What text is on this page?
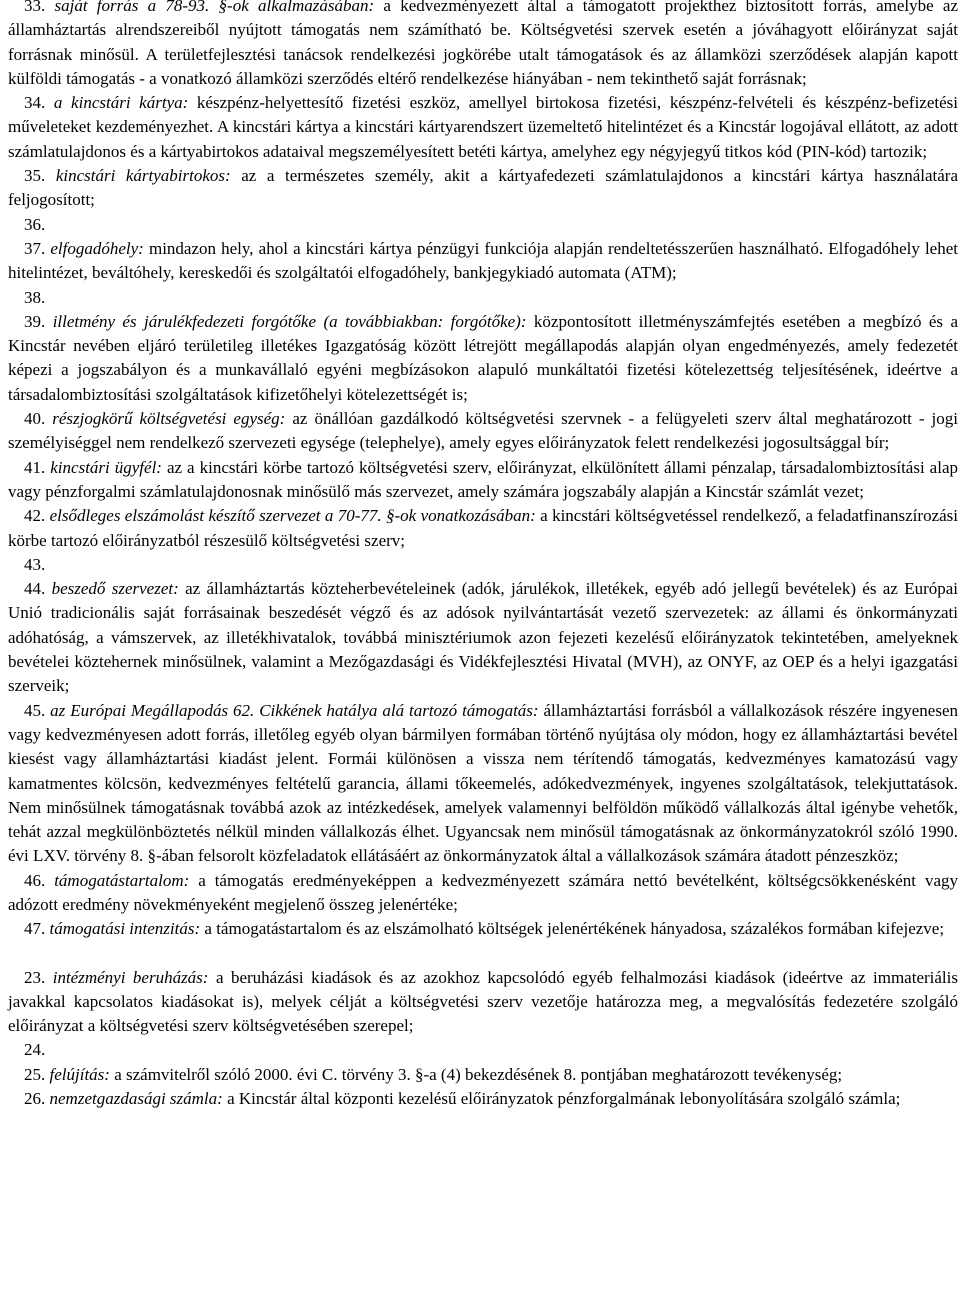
33. saját forrás a 78-93. §-ok alkalmazásában: a kedvezményezett által a támogatott projekthez biztosított forrás, amelybe az államháztartás alrendszereiből nyújtott támogatás nem számítható be. Költségvetési szervek esetén a jóváhagyott előirányzat saját forrásnak minősül. A területfejlesztési tanácsok rendelkezési jogkörébe utalt támogatások és az államközi szerződések alapján kapott külföldi támogatás - a vonatkozó államközi szerződés eltérő rendelkezése hiányában - nem tekinthető saját forrásnak;

34. a kincstári kártya: készpénz-helyettesítő fizetési eszköz, amellyel birtokosa fizetési, készpénz-felvételi és készpénz-befizetési műveleteket kezdeményezhet. A kincstári kártya a kincstári kártyarendszert üzemeltető hitelintézet és a Kincstár logojával ellátott, az adott számlatulajdonos és a kártyabirtokos adataival megszemélyesített betéti kártya, amelyhez egy négyjegyű titkos kód (PIN-kód) tartozik;

35. kincstári kártyabirtokos: az a természetes személy, akit a kártyafedezeti számlatulajdonos a kincstári kártya használatára feljogosított;

36.

37. elfogadóhely: mindazon hely, ahol a kincstári kártya pénzügyi funkciója alapján rendeltetésszerűen használható. Elfogadóhely lehet hitelintézet, beváltóhely, kereskedői és szolgáltatói elfogadóhely, bankjegykiadó automata (ATM);

38.

39. illetmény és járulékfedezeti forgótőke (a továbbiakban: forgótőke): központosított illetményszámfejtés esetében a megbízó és a Kincstár nevében eljáró területileg illetékes Igazgatóság között létrejött megállapodás alapján olyan engedményezés, amely fedezetét képezi a jogszabályon és a munkavállaló egyéni megbízásokon alapuló munkáltatói fizetési kötelezettség teljesítésének, ideértve a társadalombiztosítási szolgáltatások kifizetőhelyi kötelezettségét is;

40. részjogkörű költségvetési egység: az önállóan gazdálkodó költségvetési szervnek - a felügyeleti szerv által meghatározott - jogi személyiséggel nem rendelkező szervezeti egysége (telephelye), amely egyes előirányzatok felett rendelkezési jogosultsággal bír;

41. kincstári ügyfél: az a kincstári körbe tartozó költségvetési szerv, előirányzat, elkülönített állami pénzalap, társadalombiztosítási alap vagy pénzforgalmi számlatulajdonosnak minősülő más szervezet, amely számára jogszabály alapján a Kincstár számlát vezet;

42. elsődleges elszámolást készítő szervezet a 70-77. §-ok vonatkozásában: a kincstári költségvetéssel rendelkező, a feladatfinanszírozási körbe tartozó előirányzatból részesülő költségvetési szerv;

43.

44. beszedő szervezet: az államháztartás közteherbevételeinek (adók, járulékok, illetékek, egyéb adó jellegű bevételek) és az Európai Unió tradicionális saját forrásainak beszedését végző és az adósok nyilvántartását vezető szervezetek: az állami és önkormányzati adóhatóság, a vámszervek, az illetékhivatalok, továbbá minisztériumok azon fejezeti kezelésű előirányzatok tekintetében, amelyeknek bevételei köztehernek minősülnek, valamint a Mezőgazdasági és Vidékfejlesztési Hivatal (MVH), az ONYF, az OEP és a helyi igazgatási szerveik;

45. az Európai Megállapodás 62. Cikkének hatálya alá tartozó támogatás: államháztartási forrásból a vállalkozások részére ingyenesen vagy kedvezményesen adott forrás, illetőleg egyéb olyan bármilyen formában történő nyújtása oly módon, hogy ez államháztartási bevétel kiesést vagy államháztartási kiadást jelent. Formái különösen a vissza nem térítendő támogatás, kedvezményes kamatozású vagy kamatmentes kölcsön, kedvezményes feltételű garancia, állami tőkeemelés, adókedvezmények, ingyenes szolgáltatások, telekjuttatások. Nem minősülnek támogatásnak továbbá azok az intézkedések, amelyek valamennyi belföldön működő vállalkozás által igénybe vehetők, tehát azzal megkülönböztetés nélkül minden vállalkozás élhet. Ugyancsak nem minősül támogatásnak az önkormányzatokról szóló 1990. évi LXV. törvény 8. §-ában felsorolt közfeladatok ellátásáért az önkormányzatok által a vállalkozások számára átadott pénzeszköz;

46. támogatástartalom: a támogatás eredményeképpen a kedvezményezett számára nettó bevételként, költségcsökkenésként vagy adózott eredmény növekményeként megjelenő összeg jelenértéke;

47. támogatási intenzitás: a támogatástartalom és az elszámolható költségek jelenértékének hányadosa, százalékos formában kifejezve;

23. intézményi beruházás: a beruházási kiadások és az azokhoz kapcsolódó egyéb felhalmozási kiadások (ideértve az immateriális javakkal kapcsolatos kiadásokat is), melyek célját a költségvetési szerv vezetője határozza meg, a megvalósítás fedezetére szolgáló előirányzat a költségvetési szerv költségvetésében szerepel;

24.

25. felújítás: a számvitelről szóló 2000. évi C. törvény 3. §-a (4) bekezdésének 8. pontjában meghatározott tevékenység;

26. nemzetgazdasági számla: a Kincstár által központi kezelésű előirányzatok pénzforgalmának lebonyolítására szolgáló számla;
